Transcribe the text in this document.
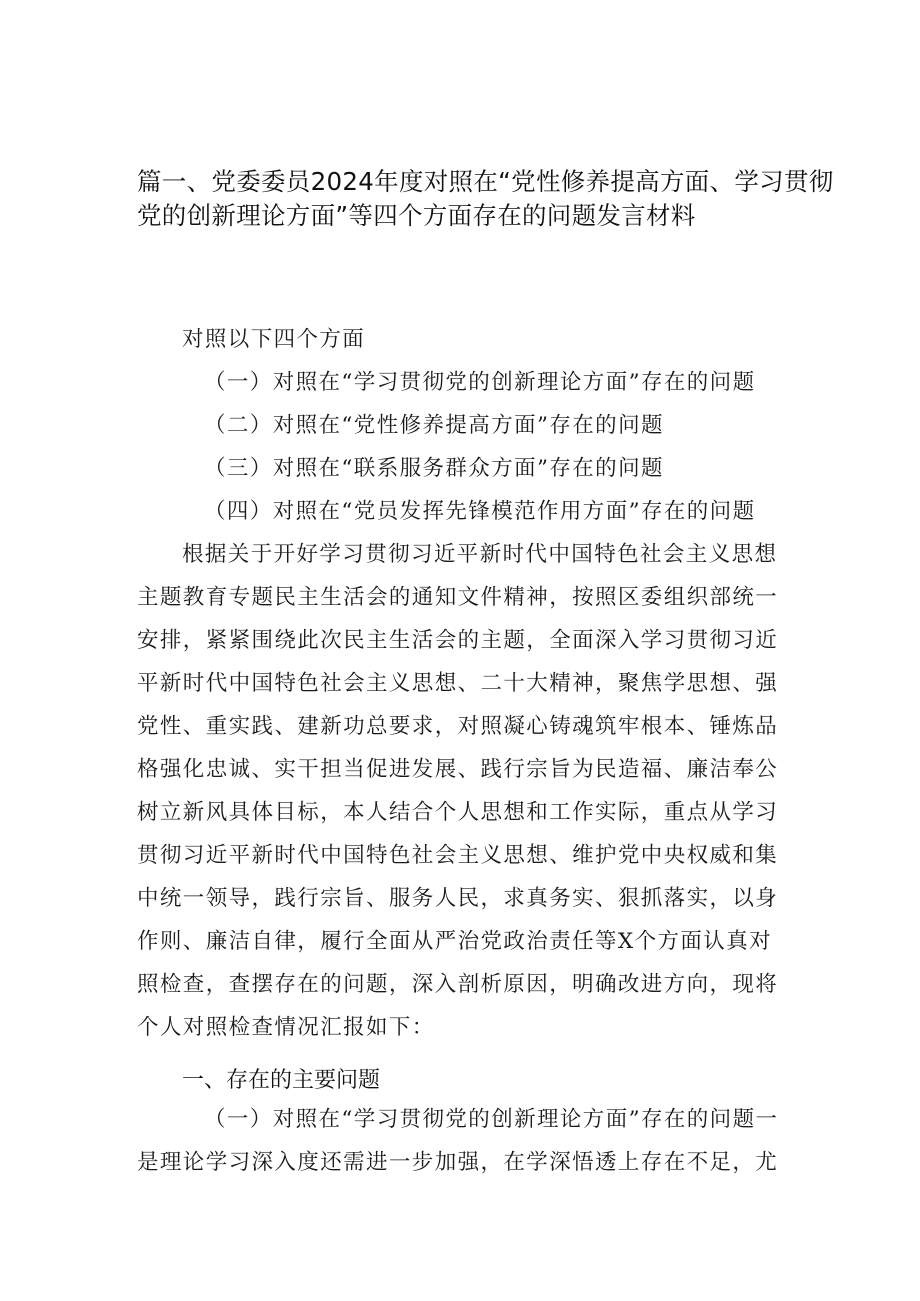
篇一、党委委员2024年度对照在“党性修养提高方面、学习贯彻
党的创新理论方面”等四个方面存在的问题发言材料
对照以下四个方面
（一）对照在“学习贯彻党的创新理论方面”存在的问题
（二）对照在“党性修养提高方面”存在的问题
（三）对照在“联系服务群众方面”存在的问题
（四）对照在“党员发挥先锋模范作用方面”存在的问题
根据关于开好学习贯彻习近平新时代中国特色社会主义思想
主题教育专题民主生活会的通知文件精神，按照区委组织部统一
安排，紧紧围绕此次民主生活会的主题，全面深入学习贯彻习近
平新时代中国特色社会主义思想、二十大精神，聚焦学思想、强
党性、重实践、建新功总要求，对照凝心铸魂筑牢根本、锤炼品
格强化忠诚、实干担当促进发展、践行宗旨为民造福、廉洁奉公
树立新风具体目标，本人结合个人思想和工作实际，重点从学习
贯彻习近平新时代中国特色社会主义思想、维护党中央权威和集
中统一领导，践行宗旨、服务人民，求真务实、狠抓落实，以身
作则、廉洁自律，履行全面从严治党政治责任等X个方面认真对
照检查，查摆存在的问题，深入剖析原因，明确改进方向，现将
个人对照检查情况汇报如下：
一、存在的主要问题
（一）对照在“学习贯彻党的创新理论方面”存在的问题一
是理论学习深入度还需进一步加强，在学深悟透上存在不足，尤
